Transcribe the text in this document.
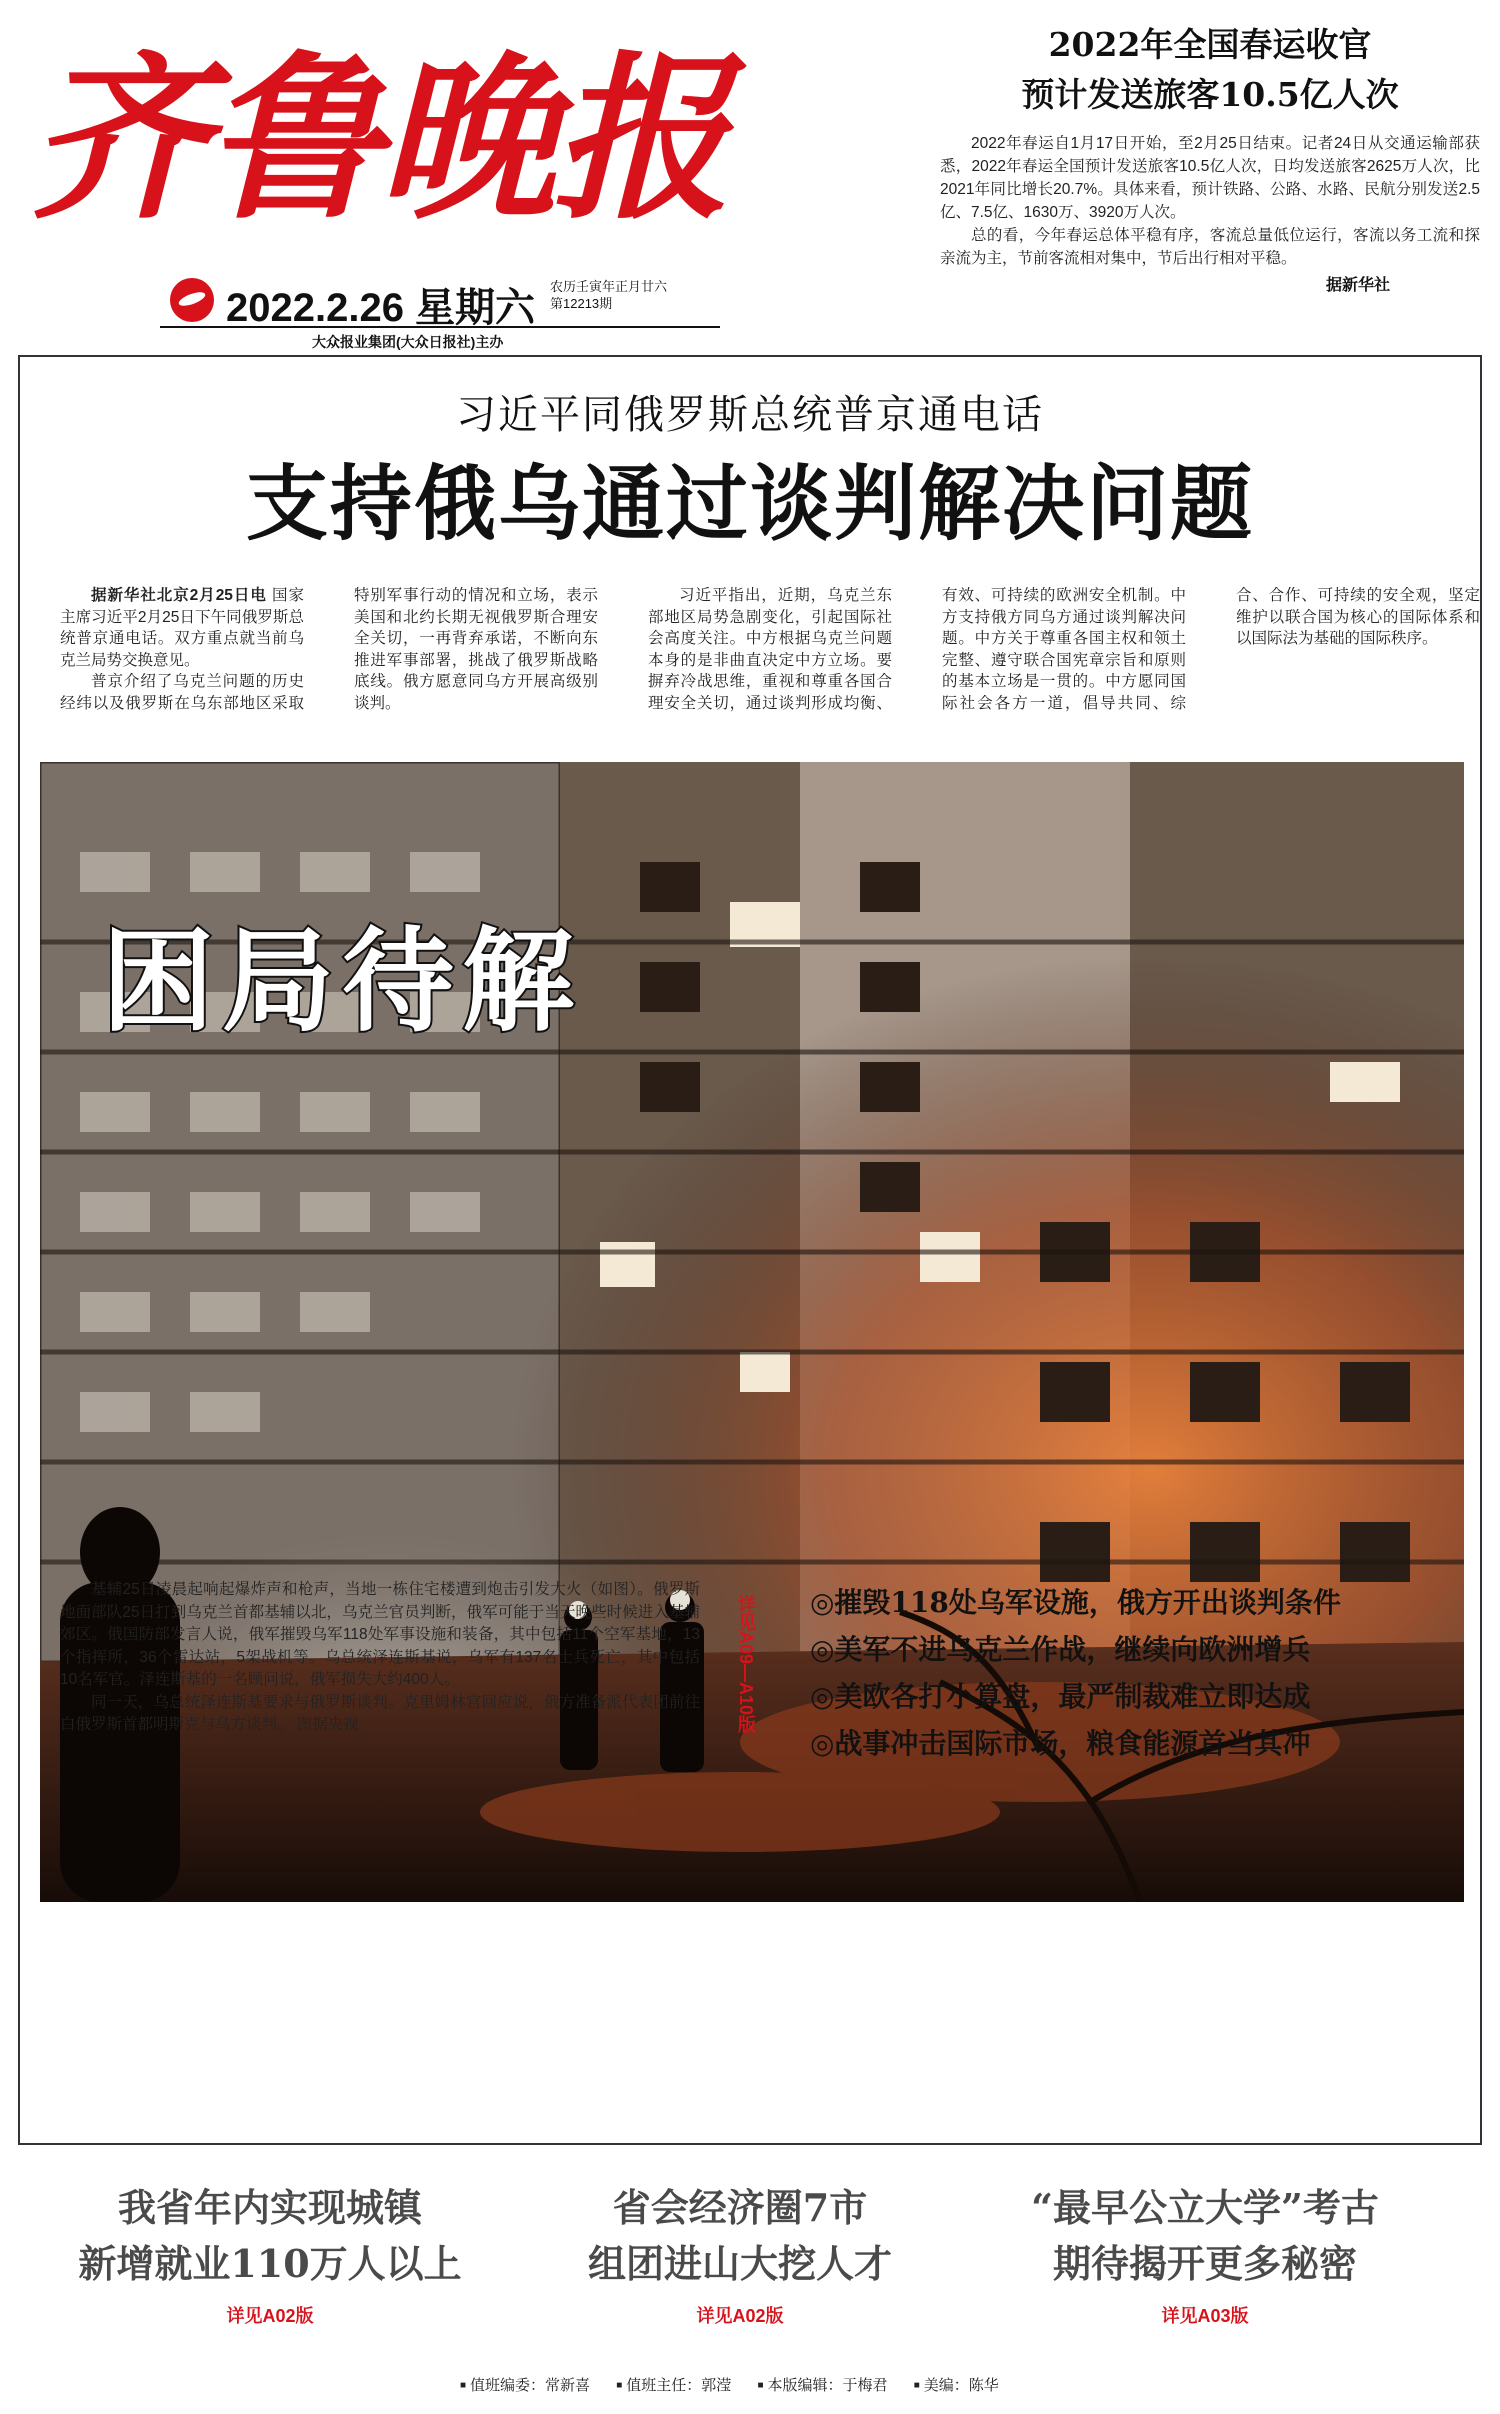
齐鲁晚报
2022.2.26 星期六 农历壬寅年正月廿六
第12213期
大众报业集团(大众日报社)主办
2022年全国春运收官
预计发送旅客10.5亿人次

2022年春运自1月17日开始，至2月25日结束。记者24日从交通运输部获悉，2022年春运全国预计发送旅客10.5亿人次，日均发送旅客2625万人次，比2021年同比增长20.7%。具体来看，预计铁路、公路、水路、民航分别发送2.5亿、7.5亿、1630万、3920万人次。

总的看，今年春运总体平稳有序，客流总量低位运行，客流以务工流和探亲流为主，节前客流相对集中，节后出行相对平稳。

据新华社
习近平同俄罗斯总统普京通电话
支持俄乌通过谈判解决问题

据新华社北京2月25日电 国家主席习近平2月25日下午同俄罗斯总统普京通电话。双方重点就当前乌克兰局势交换意见。

普京介绍了乌克兰问题的历史经纬以及俄罗斯在乌东部地区采取特别军事行动的情况和立场，表示美国和北约长期无视俄罗斯合理安全关切，一再背弃承诺，不断向东推进军事部署，挑战了俄罗斯战略底线。俄方愿意同乌方开展高级别谈判。

习近平指出，近期，乌克兰东部地区局势急剧变化，引起国际社会高度关注。中方根据乌克兰问题本身的是非曲直决定中方立场。要摒弃冷战思维，重视和尊重各国合理安全关切，通过谈判形成均衡、有效、可持续的欧洲安全机制。中方支持俄方同乌方通过谈判解决问题。中方关于尊重各国主权和领土完整、遵守联合国宪章宗旨和原则的基本立场是一贯的。中方愿同国际社会各方一道，倡导共同、综合、合作、可持续的安全观，坚定维护以联合国为核心的国际体系和以国际法为基础的国际秩序。

困局待解

基辅25日凌晨起响起爆炸声和枪声，当地一栋住宅楼遭到炮击引发大火（如图）。俄罗斯地面部队25日打到乌克兰首都基辅以北，乌克兰官员判断，俄军可能于当天晚些时候进入基辅郊区。俄国防部发言人说，俄军摧毁乌军118处军事设施和装备，其中包括11个空军基地，13个指挥所，36个雷达站，5架战机等。乌总统泽连斯基说，乌军有137名士兵死亡，其中包括10名军官。泽连斯基的一名顾问说，俄军损失大约400人。

同一天，乌总统泽连斯基要求与俄罗斯谈判。克里姆林宫回应说，俄方准备派代表团前往白俄罗斯首都明斯克与乌方谈判。 图据央视	详见A09—A10版 ◎摧毁118处乌军设施，俄方开出谈判条件
◎美军不进乌克兰作战，继续向欧洲增兵
◎美欧各打小算盘，最严制裁难立即达成
◎战事冲击国际市场，粮食能源首当其冲
我省年内实现城镇
新增就业110万人以上
详见A02版
省会经济圈7市
组团进山大挖人才
详见A02版
“最早公立大学”考古
期待揭开更多秘密
详见A03版
■ 值班编委：常新喜 ■ 值班主任：郭滢 ■ 本版编辑：于梅君 ■ 美编：陈华
